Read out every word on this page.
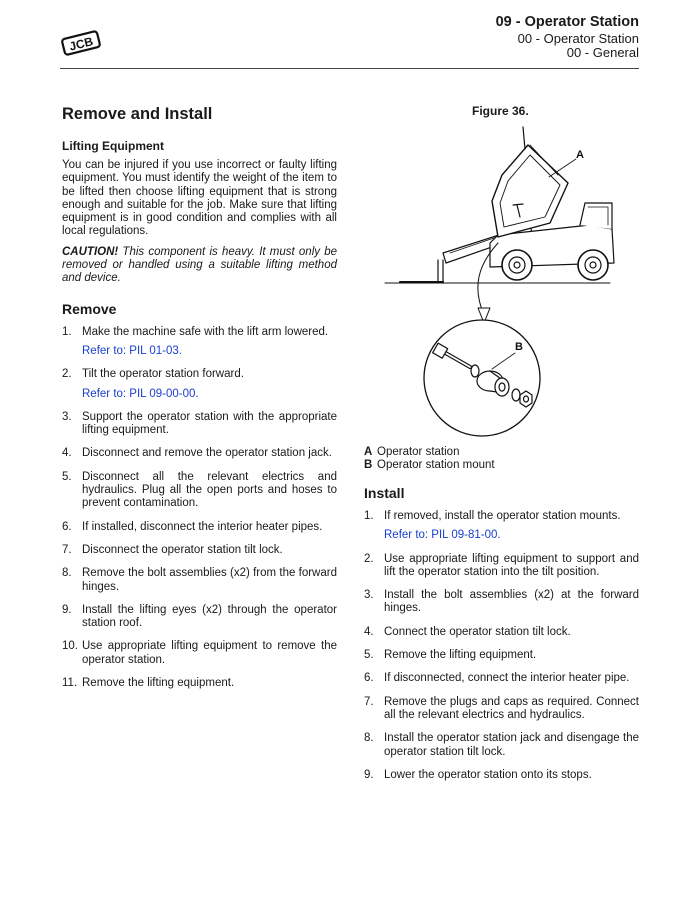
JCB
09 - Operator Station
00 - Operator Station
00 - General
Remove and Install
Lifting Equipment

You can be injured if you use incorrect or faulty lifting equipment. You must identify the weight of the item to be lifted then choose lifting equipment that is strong enough and suitable for the job. Make sure that lifting equipment is in good condition and complies with all local regulations.

CAUTION! This component is heavy. It must only be removed or handled using a suitable lifting method and device.

Remove
1. Make the machine safe with the lift arm lowered.
Refer to: PIL 01-03.
2. Tilt the operator station forward.
Refer to: PIL 09-00-00.
3. Support the operator station with the appropriate lifting equipment.
4. Disconnect and remove the operator station jack.
5. Disconnect all the relevant electrics and hydraulics. Plug all the open ports and hoses to prevent contamination.
6. If installed, disconnect the interior heater pipes.
7. Disconnect the operator station tilt lock.
8. Remove the bolt assemblies (x2) from the forward hinges.
9. Install the lifting eyes (x2) through the operator station roof.
10. Use appropriate lifting equipment to remove the operator station.
11. Remove the lifting equipment.
Figure 36.
A
B
A Operator station
B Operator station mount
Install
1. If removed, install the operator station mounts.
Refer to: PIL 09-81-00.
2. Use appropriate lifting equipment to support and lift the operator station into the tilt position.
3. Install the bolt assemblies (x2) at the forward hinges.
4. Connect the operator station tilt lock.
5. Remove the lifting equipment.
6. If disconnected, connect the interior heater pipe.
7. Remove the plugs and caps as required. Connect all the relevant electrics and hydraulics.
8. Install the operator station jack and disengage the operator station tilt lock.
9. Lower the operator station onto its stops.
